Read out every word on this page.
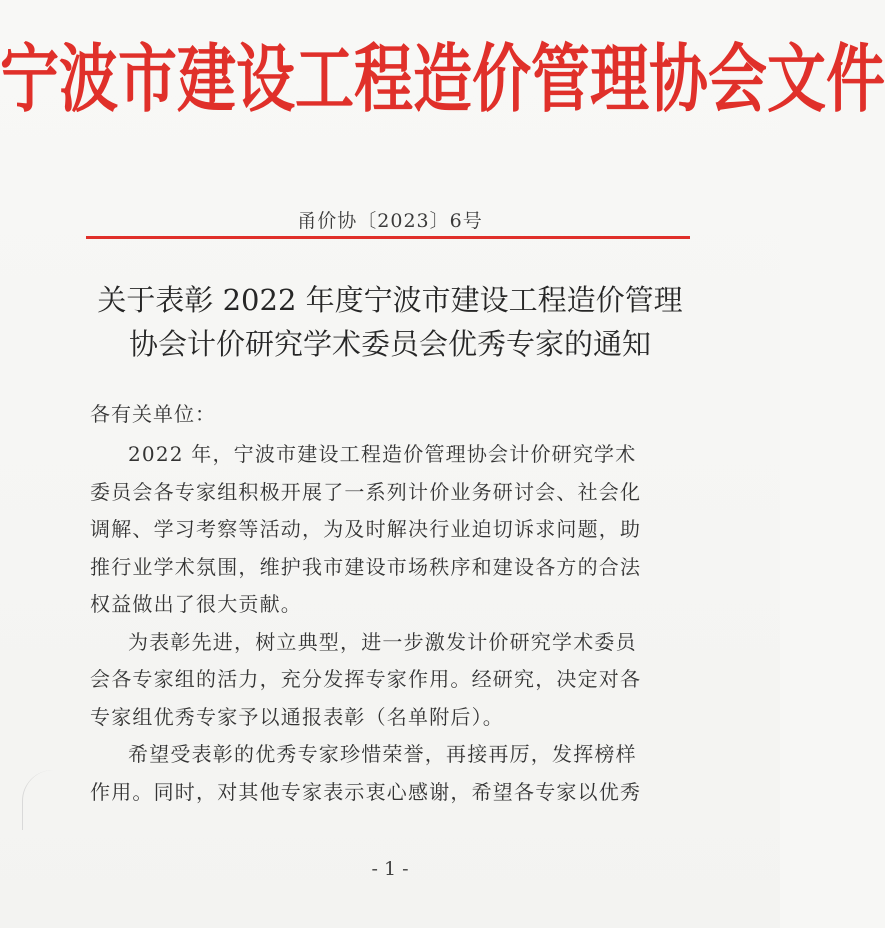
宁波市建设工程造价管理协会文件
甬价协〔2023〕6号
关于表彰 2022 年度宁波市建设工程造价管理
协会计价研究学术委员会优秀专家的通知
各有关单位：
2022 年，宁波市建设工程造价管理协会计价研究学术
委员会各专家组积极开展了一系列计价业务研讨会、社会化
调解、学习考察等活动，为及时解决行业迫切诉求问题，助
推行业学术氛围，维护我市建设市场秩序和建设各方的合法
权益做出了很大贡献。
为表彰先进，树立典型，进一步激发计价研究学术委员
会各专家组的活力，充分发挥专家作用。经研究，决定对各
专家组优秀专家予以通报表彰（名单附后）。
希望受表彰的优秀专家珍惜荣誉，再接再厉，发挥榜样
作用。同时，对其他专家表示衷心感谢，希望各专家以优秀
- 1 -
